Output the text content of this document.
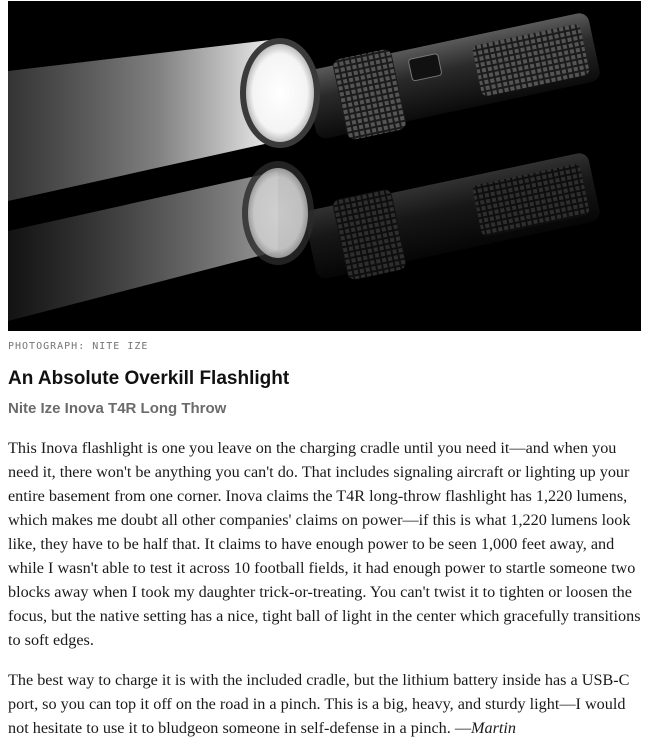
PHOTOGRAPH: NITE IZE
An Absolute Overkill Flashlight
Nite Ize Inova T4R Long Throw

This Inova flashlight is one you leave on the charging cradle until you need it—and when you need it, there won't be anything you can't do. That includes signaling aircraft or lighting up your entire basement from one corner. Inova claims the T4R long-throw flashlight has 1,220 lumens, which makes me doubt all other companies' claims on power—if this is what 1,220 lumens look like, they have to be half that. It claims to have enough power to be seen 1,000 feet away, and while I wasn't able to test it across 10 football fields, it had enough power to startle someone two blocks away when I took my daughter trick-or-treating. You can't twist it to tighten or loosen the focus, but the native setting has a nice, tight ball of light in the center which gracefully transitions to soft edges.

The best way to charge it is with the included cradle, but the lithium battery inside has a USB-C port, so you can top it off on the road in a pinch. This is a big, heavy, and sturdy light—I would not hesitate to use it to bludgeon someone in self-defense in a pinch. —Martin
